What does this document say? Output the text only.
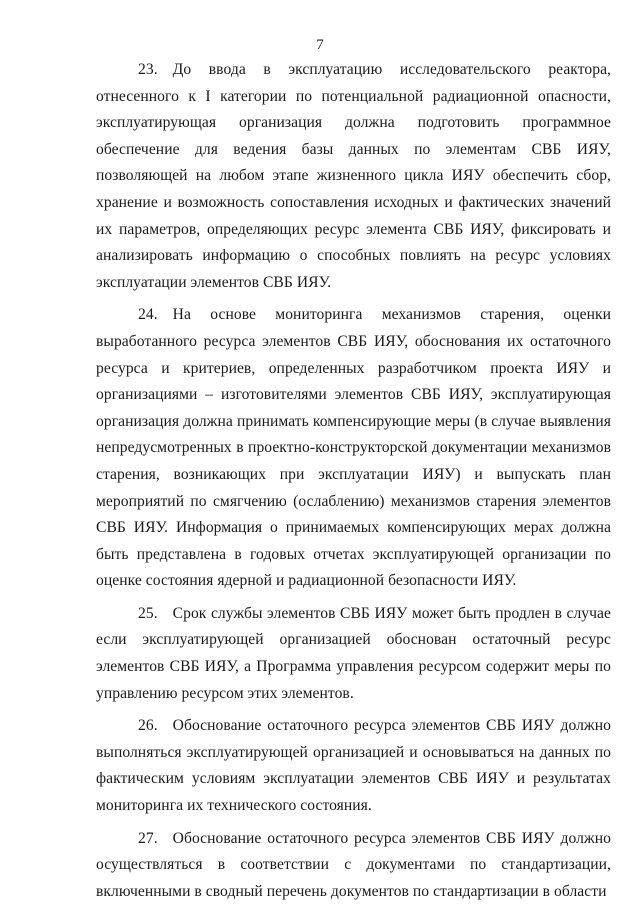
7

23. До ввода в эксплуатацию исследовательского реактора, отнесенного к I категории по потенциальной радиационной опасности, эксплуатирующая организация должна подготовить программное обеспечение для ведения базы данных по элементам СВБ ИЯУ, позволяющей на любом этапе жизненного цикла ИЯУ обеспечить сбор, хранение и возможность сопоставления исходных и фактических значений их параметров, определяющих ресурс элемента СВБ ИЯУ, фиксировать и анализировать информацию о способных повлиять на ресурс условиях эксплуатации элементов СВБ ИЯУ.

24. На основе мониторинга механизмов старения, оценки выработанного ресурса элементов СВБ ИЯУ, обоснования их остаточного ресурса и критериев, определенных разработчиком проекта ИЯУ и организациями – изготовителями элементов СВБ ИЯУ, эксплуатирующая организация должна принимать компенсирующие меры (в случае выявления непредусмотренных в проектно-конструкторской документации механизмов старения, возникающих при эксплуатации ИЯУ) и выпускать план мероприятий по смягчению (ослаблению) механизмов старения элементов СВБ ИЯУ. Информация о принимаемых компенсирующих мерах должна быть представлена в годовых отчетах эксплуатирующей организации по оценке состояния ядерной и радиационной безопасности ИЯУ.

25. Срок службы элементов СВБ ИЯУ может быть продлен в случае если эксплуатирующей организацией обоснован остаточный ресурс элементов СВБ ИЯУ, а Программа управления ресурсом содержит меры по управлению ресурсом этих элементов.

26. Обоснование остаточного ресурса элементов СВБ ИЯУ должно выполняться эксплуатирующей организацией и основываться на данных по фактическим условиям эксплуатации элементов СВБ ИЯУ и результатах мониторинга их технического состояния.

27. Обоснование остаточного ресурса элементов СВБ ИЯУ должно осуществляться в соответствии с документами по стандартизации, включенными в сводный перечень документов по стандартизации в области
